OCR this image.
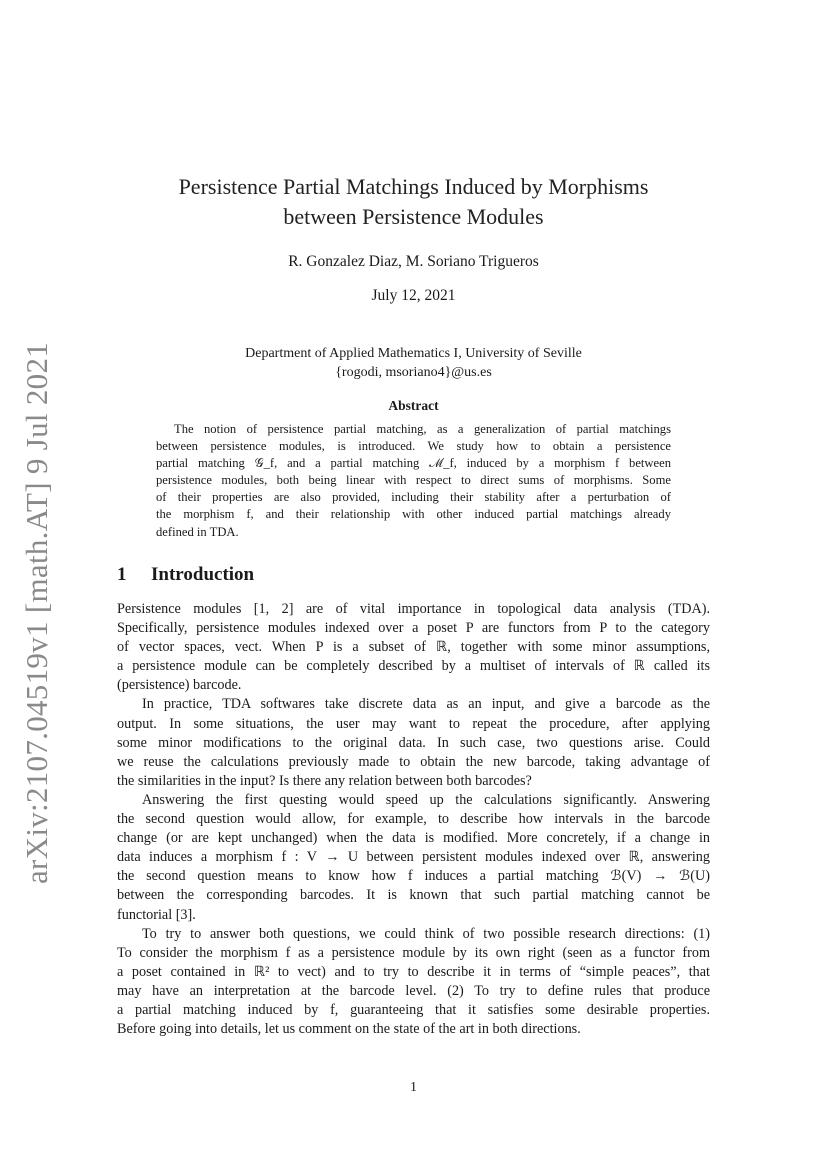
arXiv:2107.04519v1 [math.AT] 9 Jul 2021
Persistence Partial Matchings Induced by Morphisms
between Persistence Modules
R. Gonzalez Diaz, M. Soriano Trigueros
July 12, 2021
Department of Applied Mathematics I, University of Seville
{rogodi, msoriano4}@us.es
Abstract
The notion of persistence partial matching, as a generalization of partial matchings
between persistence modules, is introduced. We study how to obtain a persistence
partial matching 𝒢_f, and a partial matching ℳ_f, induced by a morphism f between
persistence modules, both being linear with respect to direct sums of morphisms. Some
of their properties are also provided, including their stability after a perturbation of
the morphism f, and their relationship with other induced partial matchings already
defined in TDA.
1 Introduction
Persistence modules [1, 2] are of vital importance in topological data analysis (TDA).
Specifically, persistence modules indexed over a poset P are functors from P to the category
of vector spaces, vect. When P is a subset of ℝ, together with some minor assumptions,
a persistence module can be completely described by a multiset of intervals of ℝ called its
(persistence) barcode.
In practice, TDA softwares take discrete data as an input, and give a barcode as the
output. In some situations, the user may want to repeat the procedure, after applying
some minor modifications to the original data. In such case, two questions arise. Could
we reuse the calculations previously made to obtain the new barcode, taking advantage of
the similarities in the input? Is there any relation between both barcodes?
Answering the first questing would speed up the calculations significantly. Answering
the second question would allow, for example, to describe how intervals in the barcode
change (or are kept unchanged) when the data is modified. More concretely, if a change in
data induces a morphism f : V → U between persistent modules indexed over ℝ, answering
the second question means to know how f induces a partial matching ℬ(V) → ℬ(U)
between the corresponding barcodes. It is known that such partial matching cannot be
functorial [3].
To try to answer both questions, we could think of two possible research directions: (1)
To consider the morphism f as a persistence module by its own right (seen as a functor from
a poset contained in ℝ² to vect) and to try to describe it in terms of “simple peaces”, that
may have an interpretation at the barcode level. (2) To try to define rules that produce
a partial matching induced by f, guaranteeing that it satisfies some desirable properties.
Before going into details, let us comment on the state of the art in both directions.
1
